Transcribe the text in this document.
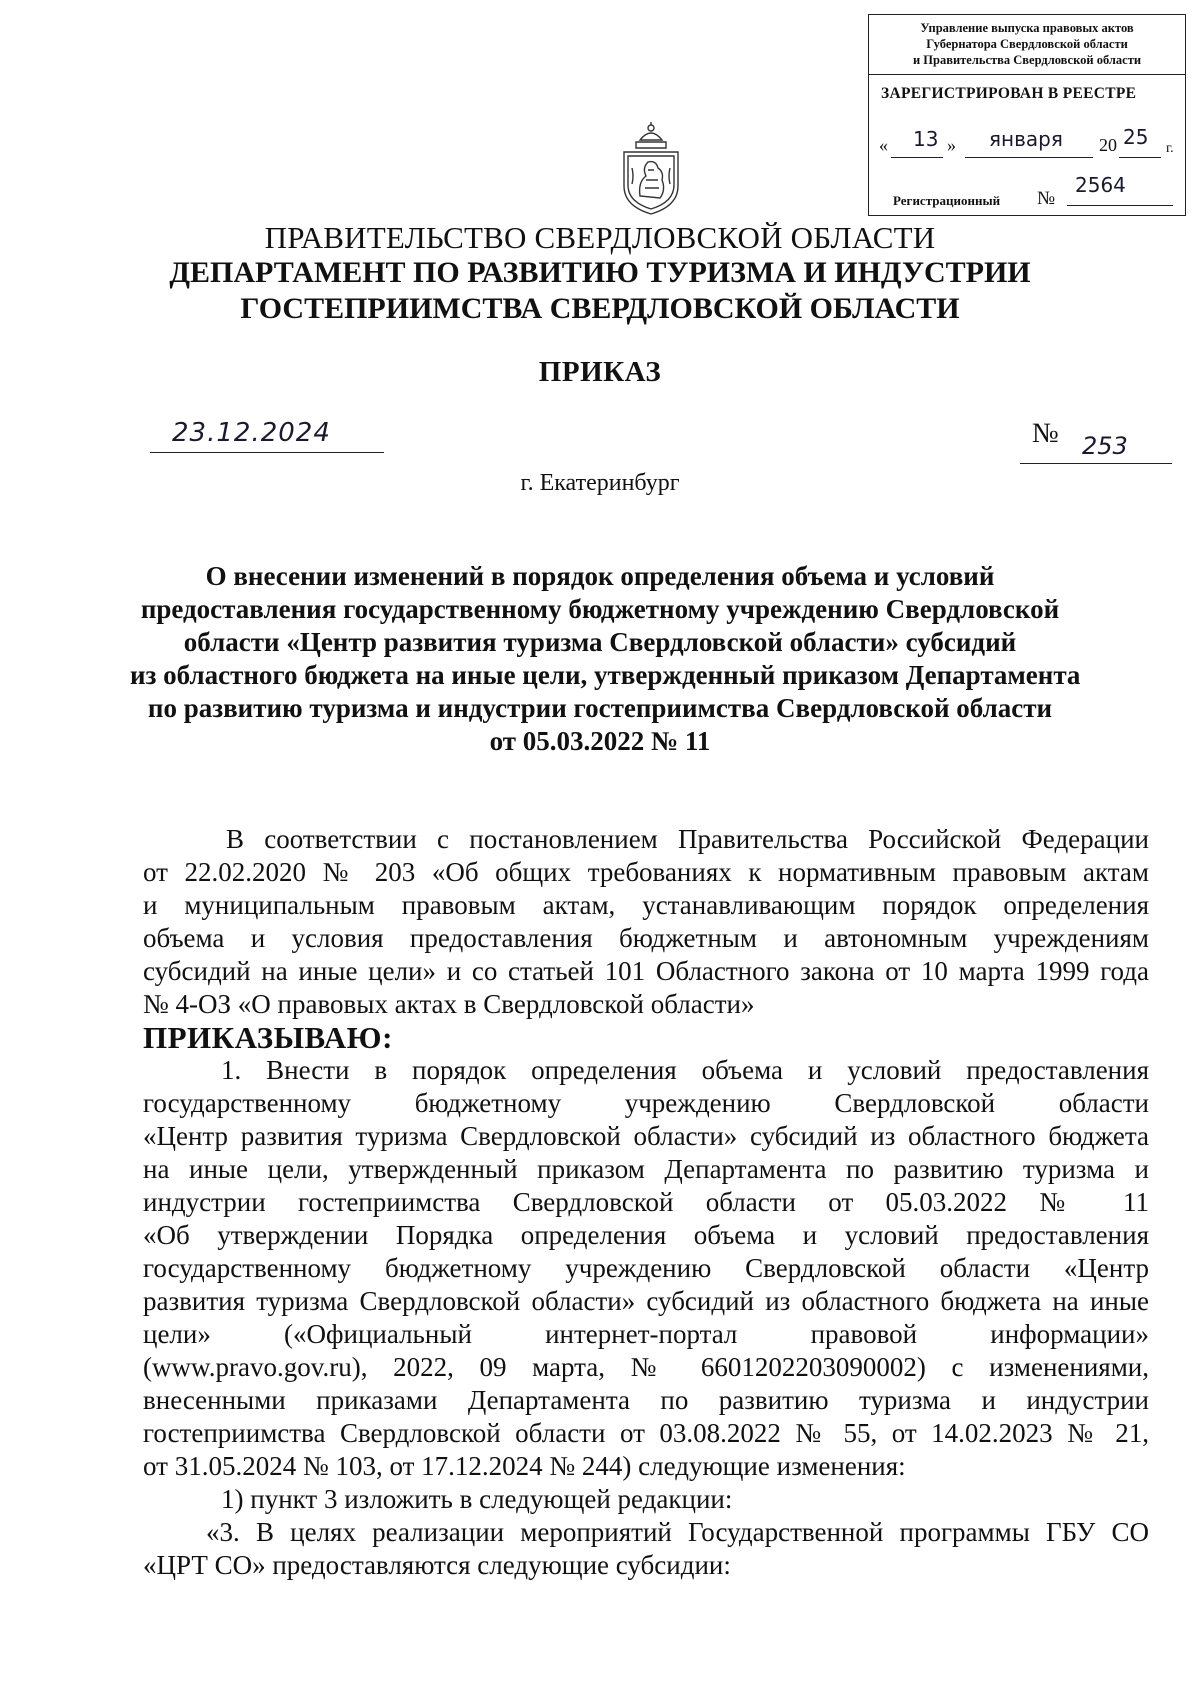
Управление выпуска правовых актов
Губернатора Свердловской области
и Правительства Свердловской области
ЗАРЕГИСТРИРОВАН В РЕЕСТРЕ
« 13 » января 20 25 г.
Регистрационный №
2564
ПРАВИТЕЛЬСТВО СВЕРДЛОВСКОЙ ОБЛАСТИ
ДЕПАРТАМЕНТ ПО РАЗВИТИЮ ТУРИЗМА И ИНДУСТРИИ
ГОСТЕПРИИМСТВА СВЕРДЛОВСКОЙ ОБЛАСТИ
ПРИКАЗ
23.12.2024	№ 253
г. Екатеринбург
О внесении изменений в порядок определения объема и условий
предоставления государственному бюджетному учреждению Свердловской
области «Центр развития туризма Свердловской области» субсидий
из областного бюджета на иные цели, утвержденный приказом Департамента
по развитию туризма и индустрии гостеприимства Свердловской области
от 05.03.2022 № 11
В соответствии с постановлением Правительства Российской Федерации
от 22.02.2020 № 203 «Об общих требованиях к нормативным правовым актам
и муниципальным правовым актам, устанавливающим порядок определения
объема и условия предоставления бюджетным и автономным учреждениям
субсидий на иные цели» и со статьей 101 Областного закона от 10 марта 1999 года
№ 4-ОЗ «О правовых актах в Свердловской области»
ПРИКАЗЫВАЮ:
1. Внести в порядок определения объема и условий предоставления
государственному бюджетному учреждению Свердловской области
«Центр развития туризма Свердловской области» субсидий из областного бюджета
на иные цели, утвержденный приказом Департамента по развитию туризма и
индустрии гостеприимства Свердловской области от 05.03.2022 № 11
«Об утверждении Порядка определения объема и условий предоставления
государственному бюджетному учреждению Свердловской области «Центр
развития туризма Свердловской области» субсидий из областного бюджета на иные
цели» («Официальный интернет-портал правовой информации»
(www.pravo.gov.ru), 2022, 09 марта, № 6601202203090002) с изменениями,
внесенными приказами Департамента по развитию туризма и индустрии
гостеприимства Свердловской области от 03.08.2022 № 55, от 14.02.2023 № 21,
от 31.05.2024 № 103, от 17.12.2024 № 244) следующие изменения:
1) пункт 3 изложить в следующей редакции:
«3. В целях реализации мероприятий Государственной программы ГБУ СО
«ЦРТ СО» предоставляются следующие субсидии:
